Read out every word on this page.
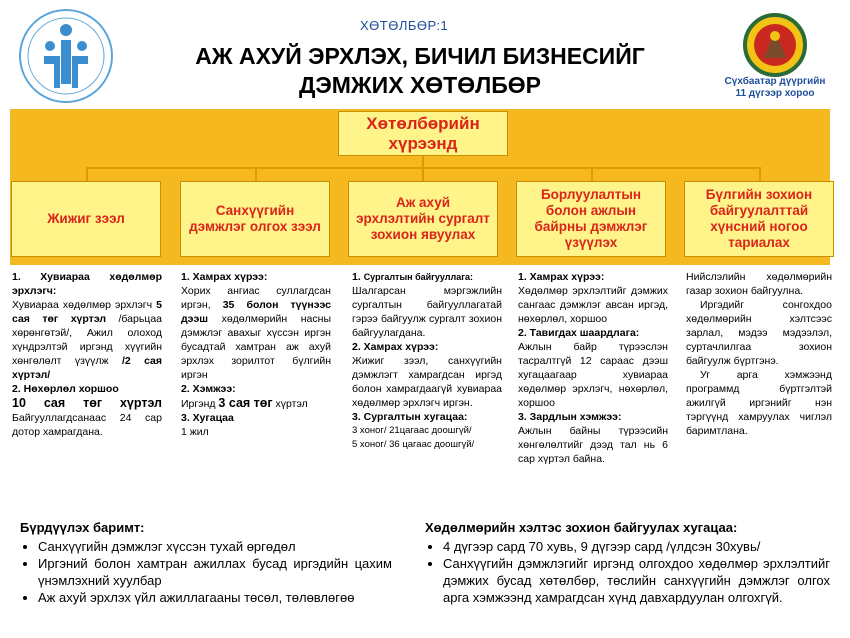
ХӨТӨЛБӨР:1
АЖ АХУЙ ЭРХЛЭХ, БИЧИЛ БИЗНЕСИЙГ
ДЭМЖИХ ХӨТӨЛБӨР	Сүхбаатар дүүргийн
11 дүгээр хороо
Хөтөлбөрийн
хүрээнд
Жижиг зээл
Санхүүгийн дэмжлэг олгох зээл
Аж ахуй эрхлэлтийн сургалт зохион явуулах
Борлуулалтын болон ажлын байрны дэмжлэг үзүүлэх
Бүлгийн зохион байгуулалттай хүнсний ногоо тариалах

1. Хувиараа хөдөлмөр эрхлэгч:

Хувиараа хөдөлмөр эрхлэгч 5 сая төг хүртэл /барьцаа хөрөнгөтэй/, Ажил олоход хүндрэлтэй иргэнд хүүгийн хөнгөлөлт үзүүлж /2 сая хүртэл/

2. Нөхөрлөл хоршоо

10 сая төг хүртэл Байгууллагдсанаас 24 сар дотор хамрагдана.

1. Хамрах хүрээ:

Хорих ангиас суллагдсан иргэн, 35 болон түүнээс дээш хөдөлмөрийн насны дэмжлэг авахыг хүссэн иргэн бусадтай хамтран аж ахуй эрхлэх зорилтот бүлгийн иргэн

2. Хэмжээ:

Иргэнд 3 сая төг хүртэл

3. Хугацаа

1 жил

1. Сургалтын байгууллага:

Шалгарсан мэргэжлийн сургалтын байгууллагатай гэрээ байгуулж сургалт зохион байгуулагдана.

2. Хамрах хүрээ:

Жижиг зээл, санхүүгийн дэмжлэгт хамрагдсан иргэд болон хамрагдаагүй хувиараа хөдөлмөр эрхлэгч иргэн.

3. Сургалтын хугацаа:

3 хоног/ 21цагаас доошгүй/

5 хоног/ 36 цагаас доошгүй/

1. Хамрах хүрээ:

Хөдөлмөр эрхлэлтийг дэмжих сангаас дэмжлэг авсан иргэд, нөхөрлөл, хоршоо

2. Тавигдах шаардлага:

Ажлын байр түрээслэн тасралтгүй 12 сараас дээш хугацаагаар хувиараа хөдөлмөр эрхлэгч, нөхөрлөл, хоршоо

3. Зардлын хэмжээ:

Ажлын байны түрээсийн хөнгөлөлтийг дээд тал нь 6 сар хүртэл байна.

Нийслэлийн хөдөлмөрийн газар зохион байгуулна.

Иргэдийг сонгохдоо хөдөлмөрийн хэлтсээс зарлал, мэдээ мэдээлэл, суртачлилгаа зохион байгуулж бүртгэнэ.

Уг арга хэмжээнд программд бүртгэлтэй ажилгүй иргэнийг нэн тэргүүнд хамруулах чиглэл баримтлана.

Бүрдүүлэх баримт:
• Санхүүгийн дэмжлэг хүссэн тухай өргөдөл
• Иргэний болон хамтран ажиллах бусад иргэдийн цахим үнэмлэхний хуулбар
• Аж ахуй эрхлэх үйл ажиллагааны төсөл, төлөвлөгөө
Хөдөлмөрийн хэлтэс зохион байгуулах хугацаа:
• 4 дүгээр сард 70 хувь, 9 дүгээр сард /үлдсэн 30хувь/
• Санхүүгийн дэмжлэгийг иргэнд олгохдоо хөдөлмөр эрхлэлтийг дэмжих бусад хөтөлбөр, төслийн санхүүгийн дэмжлэг олгох арга хэмжээнд хамрагдсан хүнд давхардуулан олгохгүй.
